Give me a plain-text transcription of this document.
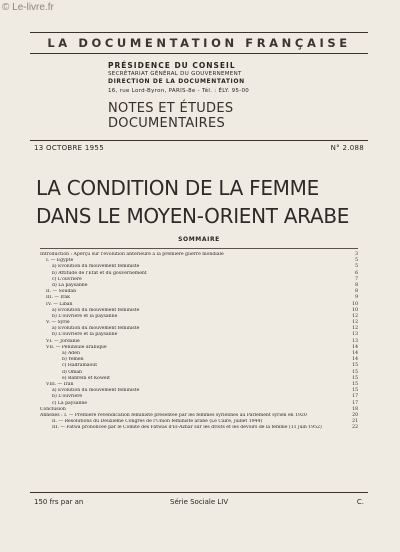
© Le-livre.fr
LA DOCUMENTATION FRANÇAISE
PRÉSIDENCE DU CONSEIL
SECRÉTARIAT GÉNÉRAL DU GOUVERNEMENT
DIRECTION DE LA DOCUMENTATION
16, rue Lord-Byron, PARIS-8e - Tél. : ÉLY. 95-00
NOTES ET ÉTUDES
DOCUMENTAIRES
13 OCTOBRE 1955	N° 2.088
LA CONDITION DE LA FEMME
DANS LE MOYEN-ORIENT ARABE
SOMMAIRE
Introduction : Aperçu sur l'évolution antérieure à la première guerre mondiale	3
I. — Égypte	5
a) Évolution du mouvement féministe	5
b) Attitude de l'État et du gouvernement	6
c) L'ouvrière	7
d) La paysanne	8
II. — Soudan	8
III. — Irak	9
IV. — Liban	10
a) Évolution du mouvement féministe	10
b) L'ouvrière et la paysanne	12
V. — Syrie	12
a) Évolution du mouvement féministe	12
b) L'ouvrière et la paysanne	13
VI. — Jordanie	13
VII. — Péninsule arabique	14
a) Aden	14
b) Yémen	14
c) Hadramaout	15
d) Oman	15
e) Bahrein et Koweït	15
VIII. — Iran	15
a) Évolution du mouvement féministe	15
b) L'ouvrière	17
c) La paysanne	17
Conclusion	18
Annexes : I. — Première revendication féministe présentée par les femmes syriennes au Parlement syrien en 1920	20
II. — Résolutions du Deuxième Congrès de l'Union féministe arabe (Le Caire, juillet 1944)	21
III. — Fatwa prononcée par le Comité des Fatwas d'El-Azhar sur les droits et les devoirs de la femme (11 juin 1952)	22
150 frs par an	Série Sociale LIV	C.
